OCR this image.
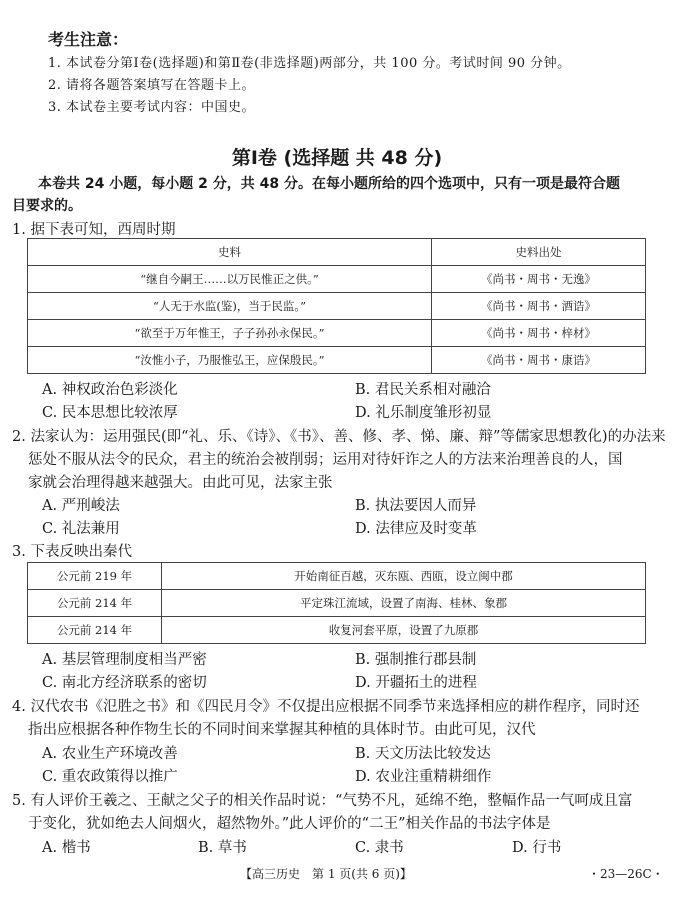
考生注意：
1. 本试卷分第Ⅰ卷(选择题)和第Ⅱ卷(非选择题)两部分，共 100 分。考试时间 90 分钟。
2. 请将各题答案填写在答题卡上。
3. 本试卷主要考试内容：中国史。
第Ⅰ卷 (选择题 共 48 分)
本卷共 24 小题，每小题 2 分，共 48 分。在每小题所给的四个选项中，只有一项是最符合题
目要求的。
1. 据下表可知，西周时期
史料	史料出处
“继自今嗣王……以万民惟正之供。”	《尚书・周书・无逸》
“人无于水监(鉴)，当于民监。”	《尚书・周书・酒诰》
“欲至于万年惟王，子子孙孙永保民。”	《尚书・周书・梓材》
“汝惟小子，乃服惟弘王，应保殷民。”	《尚书・周书・康诰》
A. 神权政治色彩淡化	B. 君民关系相对融洽
C. 民本思想比较浓厚	D. 礼乐制度雏形初显
2. 法家认为：运用强民(即“礼、乐、《诗》、《书》、善、修、孝、悌、廉、辩”等儒家思想教化)的办法来
惩处不服从法令的民众，君主的统治会被削弱；运用对待奸诈之人的方法来治理善良的人，国
家就会治理得越来越强大。由此可见，法家主张
A. 严刑峻法	B. 执法要因人而异
C. 礼法兼用	D. 法律应及时变革
3. 下表反映出秦代
公元前 219 年	开始南征百越，灭东瓯、西瓯，设立闽中郡
公元前 214 年	平定珠江流域，设置了南海、桂林、象郡
公元前 214 年	收复河套平原，设置了九原郡
A. 基层管理制度相当严密	B. 强制推行郡县制
C. 南北方经济联系的密切	D. 开疆拓土的进程
4. 汉代农书《氾胜之书》和《四民月令》不仅提出应根据不同季节来选择相应的耕作程序，同时还
指出应根据各种作物生长的不同时间来掌握其种植的具体时节。由此可见，汉代
A. 农业生产环境改善	B. 天文历法比较发达
C. 重农政策得以推广	D. 农业注重精耕细作
5. 有人评价王羲之、王献之父子的相关作品时说：“气势不凡，延绵不绝，整幅作品一气呵成且富
于变化，犹如绝去人间烟火，超然物外。”此人评价的“二王”相关作品的书法字体是
A. 楷书	B. 草书	C. 隶书	D. 行书
【高三历史　第 1 页(共 6 页)】	・23—26C・
